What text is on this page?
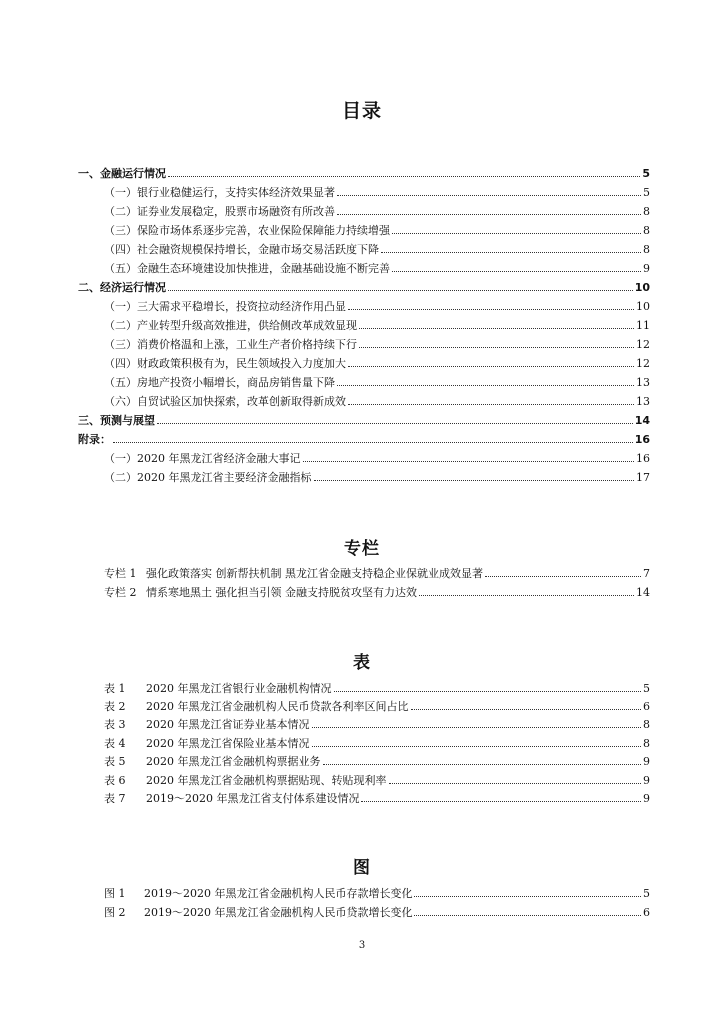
目录
一、金融运行情况	5
（一）银行业稳健运行，支持实体经济效果显著	5
（二）证券业发展稳定，股票市场融资有所改善	8
（三）保险市场体系逐步完善，农业保险保障能力持续增强	8
（四）社会融资规模保持增长，金融市场交易活跃度下降	8
（五）金融生态环境建设加快推进，金融基础设施不断完善	9
二、经济运行情况	10
（一）三大需求平稳增长，投资拉动经济作用凸显	10
（二）产业转型升级高效推进，供给侧改革成效显现	11
（三）消费价格温和上涨，工业生产者价格持续下行	12
（四）财政政策积极有为，民生领域投入力度加大	12
（五）房地产投资小幅增长，商品房销售量下降	13
（六）自贸试验区加快探索，改革创新取得新成效	13
三、预测与展望	14
附录：	16
（一）2020 年黑龙江省经济金融大事记	16
（二）2020 年黑龙江省主要经济金融指标	17
专栏
专栏 1 强化政策落实 创新帮扶机制 黑龙江省金融支持稳企业保就业成效显著	7
专栏 2 情系寒地黑土 强化担当引领 金融支持脱贫攻坚有力达效	14
表
表 1 2020 年黑龙江省银行业金融机构情况	5
表 2 2020 年黑龙江省金融机构人民币贷款各利率区间占比	6
表 3 2020 年黑龙江省证券业基本情况	8
表 4 2020 年黑龙江省保险业基本情况	8
表 5 2020 年黑龙江省金融机构票据业务	9
表 6 2020 年黑龙江省金融机构票据贴现、转贴现利率	9
表 7 2019～2020 年黑龙江省支付体系建设情况	9
图
图 1 2019～2020 年黑龙江省金融机构人民币存款增长变化	5
图 2 2019～2020 年黑龙江省金融机构人民币贷款增长变化	6
3
